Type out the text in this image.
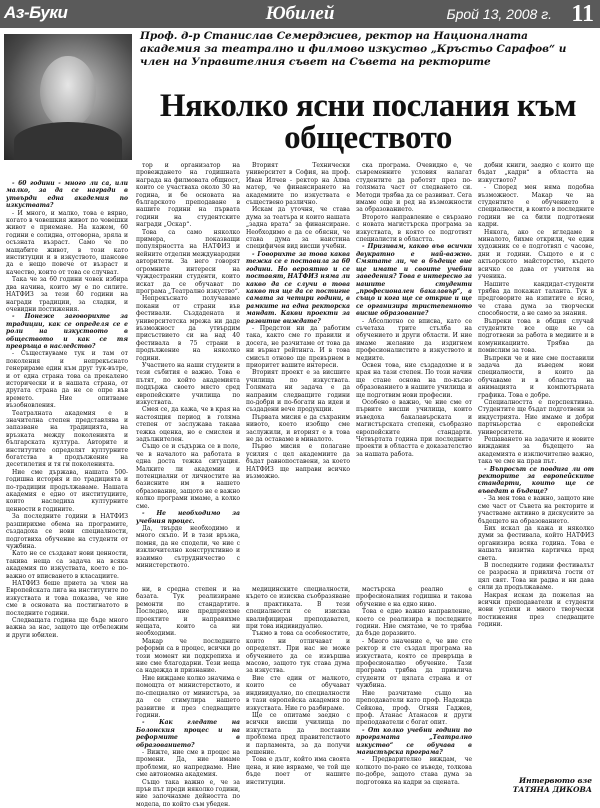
Аз-Буки	Юбилей	Брой 13, 2008 г. 11
Проф. д-р Станислав Семерджиев, ректор на Националната академия за театрално и филмово изкуство „Кръстьо Сарафов“ и член на Управителния съвет на Съвета на ректорите
Няколко ясни послания към обществото

- 60 години - много ли са, или малко, за да се награди в утвърди една академия по изкуствата?

- И много, и малко, това е вярно, когато в човешкия живот по човешки живот е приемане. На кажем, 60 години е солидна, отговорна, зряла и осъзната възраст. Само че по мащабите живот, в този като институции и в изкуството, шансове да е нещо повече от възраст и качество, които от това се случват.

Така че за 60 години човек избира два начина, които му е по силите. НАТФИЗ за тези 60 години на награди традиции, за сладки, и очевидни постижения.

- Понеже заговорихте за традиции, как се определя се е роли на изкуството в обществото и как се тя превръща в наследство?

- Съществуваме тук и там от поколения и непрекъснато генерираме един към друг тук-вътре, и от една страна това са прекалено исторически и в нашата страна, от другата страна да не се опре във времето. Ние опитваме възобновления.

Театралната академия е в значителна степен представлява и запазване на традицията, на връзката между поколенията и българската култура. Авторите и институтите определят културните богатства в продължение на десетилетия и тя ги поколенията.

Ние сме държава, нашата 500-годишна история и по традицията и по-традиции продължаваме. Нашата академия е едно от институциите, които наследиха културните ценности в годините.

За последните години в НАТФИЗ разширихме обема на програмите, създадоха се нови специалности, подготвиха обучение на студенти от чужбина.

Като не се създават нови ценности, такива неща са задача на всяка академия по изкуствата, което е по-важно от вписването в класациите.

НАТФИЗ беше приета за член на Европейската лига на институтите по изкуствата и това показва, че ние сме в основата на постигнатото в последните години.

Следващата година ще бъде много важна за нас, защото ще отбележим и други юбилеи.

тор и организатор на провеждането на годишната награда на филмовата общност, които се участваха около 30 на година, и бе основата на българското преподаване в нашите години на първата години на студентските награди „Оскар“.

Това са само няколко примера, показващи популярността на НАТФИЗ и нейните отделни международни авторитети. За него говорят огромните интереси на чуждестранни студенти, които искат да се обучават по програма „Театрално изкуство“.

Непрекъснато получаваме покани от страни във фестивали. Създадената и университетска мрежа ни даде възможност да утвърдим присъствието си на над 40 фестивала в 75 страни в продължение на няколко години.

Участието на наши студенти в тези събития е важно. Това е пътят, по който академията поддържа своето място сред европейските училища по изкуствата.

Смея се, да кажа, че в края на настоящия период в голяма степен от заслужава такава тежка оценка, но е смислен и задължителен.

Също се и съдържа се в поле, че в началото на работата в една доста тежка ситуация. Малките ли академии и потенциални от личностите на базисните им в нашето образование, защото не е важно колко програми имаме, а колко сме.

- Не необходимо за учебния процес.

Да, твърде необходимо и много скъпо. И в тази връзка, помня, да не сподели, че ние с изключително конструктивно и взаимно сътрудничество с министерството.

Вторият Технически университет в София, на проф. Иван Илчев - ректор на Алма матер, че финансирането на академиите по изкуствата е съществено различно.

Искам да уточня, че става дума за театъра и които нашата „задна врата“ за финансиране. Необходимо е да се обясни, че става дума за наистина специфичен вид висши учебни.

- Говорихте за това каква тежка се е поставила за 60 години. Но вероятно и се поставят, НАТФИЗ няма ли какво да се случи в това какво тя ще да се постигне самата за четири години, в рамките на една ректорска мандат. Какви проекти за развитие виждате?

- Предстои ни да работим така, както сме го правили и досега, не разчитаме от това да ни върнат рейтинга. И в това смисъл отново ще превърнем в приоритет вашите интереси.

Вторият проект е за висшите училища по изкуствата. Голямата ни задача е да направим следващите години по-добри и по-богати на идеи и създадени вече продукции.

Първата мисия е да съхраним нивото, което изобщо сме заслужили, и вторият е в това не да оставаме в миналото.

Първо мисия е полагане усилия с цел академиите да бъдат равнопоставени, за което НАТФИЗ ще направи всичко възможно.

ска програма. Очевидно е, че съвременните условия налагат студентите да работят през по-голямата част от следването си. Методи трябва да се развиват. Сега имаме още и ред на възможности за образованието.

Второто направление е свързано с новата магистърска програма за изкуствата, в която се подготвят специалисти в областта.

- Призивам, какво във всички двукратно е най-важно. Смятате ли, че в бъдеще вие ще имате и своите учебни заведения? Това е интересно за нашите студенти „професионален бакалавър“, а също и кога ще се открие и ще се организира тристепенното висше образование?

- Абсолютно се вписва, като се съчетаха трите стълба на обучението и други области. И ние имаме желание да издигнем професионалистите в изкуството и медиите.

Освен това, ние създадохме и в края на тази степен. По този начин ще стане основа на по-късно образованието в нашите училища и ще подготвим нови професии.

Особено е важно, че ние сме от първите висши училища, които въведоха бакалавърската и магистърската степени, съобразно европейските стандарти. Четвъртата година при последните проекти в областта е доказателство за нашата работа.

добни книги, заедно с които ще бъдат „кадри“ в областта на изкуството?

- Според мен няма подобна възможност. Макар че на студентите е обучението в специалности, в които в последните години не са били подготвени кадри.

Някога, ако се вгледаме в миналото, бихме открили, че един художник се е подготвял с часове, дни и години. Същото е и с актьорското майсторство, където всичко се дава от учителя на ученика.

Нашите кандидат-студенти трябва да покажат таланта. Тук в предговорите на изпитите е ясно, че става дума за творчески способности, а не само за знания.

Въпреки това в общия случай студентите все още не са подготвени за работа в медиите и в комуникациите. Трябва да помислим за това.

Въпреки че и ние сме поставили задача да въведем нови специалности, в които да обучаваме и в областта на анимацията и компютърната графика. Това е добре.

Специалността е перспективна. Студентите ще бъдат подготвени за индустрията. Ние имаме и добри партньорства с европейски университети.

Решаването на задачите и новите виждания за бъдещето на академията е изключително важно, така че сме на прав път.

- Въпросът се повдига ли от ректорите за европейските стандарти, които ще се въведат в бъдеще?

- За мен това е важно, защото ние сме част от Съвета на ректорите и участваме активно в дискусиите за бъдещето на образованието.

Бих искал да кажа и няколко думи за фестивала, който НАТФИЗ организира всяка година. Това е нашата визитна картичка пред света.

В последните години фестивалът се разрасна и привлича гости от цял свят. Това ни радва и ни дава сили да продължаваме.

Накрая искам да пожелая на всички преподаватели и студенти нови успехи и много творчески постижения през следващите години.

ни, в средна степен и на базата. Тук реализираме ремонти по стандартите. Последно, ние предприехме проектите и направихме нещата, които са ни необходими.

Макар че последните реформи са в процес, всички до този момент ни подкрепиха и ние сме благодарни. Тези неща са надежда и признание.

Ние виждаме колко значима е помощта от министерството, и по-специално от министъра, за да се стимулира нашето развитие и през следващите години.

- Как гледате на Болонския процес и на реформите в образованието?

- Вижте, ние сме в процес на промени. Да, ние имаме проблеми, но напредваме. Ние сме автономна академия.

Също така важно е, че за пръв път преди няколко години, ние започнахме дейността по модела, по който съм убеден.

медицинските специалности, където се изисква съобразяване в практиката. В тези специалности се изисква квалифициран преподавател, при това индивидуално.

Тъкмо в това са особеностите, които ни отличават и определят. При нас не може обучението да се извършва масово, защото тук става дума за изкуства.

Вие сте един от малкото, които се обучават индивидуално, по специалности в тази европейска академия по изкуствата. Ние го разбираме.

Ще се опитаме заедно с всички висши училища по изкуствата да поставим проблема пред правителството и парламента, за да получи решение.

Това е дълг, който има своята цена, и ние вярваме, че той ще бъде поет от нашите институции.

мастърска реално е професионалния годишна и такова обучение е на едно ниво.

Това е едно важно направление, което се реализира в последните години. Ние смятаме, че то трябва да бъде доразвито.

- Много значение е, че вие сте ректор и сте създал програма на изкуствата, която се превръща в професионално обучение. Тази програма трябва да привлича студенти от цялата страна и от чужбина.

Ние разчитаме също на преподаватели като проф. Надежда Сейкова, проф. Огнян Гаджев, проф. Атанас Атанасов и други преподаватели с богат опит.

- От колко учебни години по програмата „Театрално изкуство“ се обучава в магистърска програма?

- Предварително виждам, че колкото по-рано се въведе, толкова по-добре, защото става дума за подготовка на кадри за сцената.	Интервюто взе
ТАТЯНА ДИКОВА
